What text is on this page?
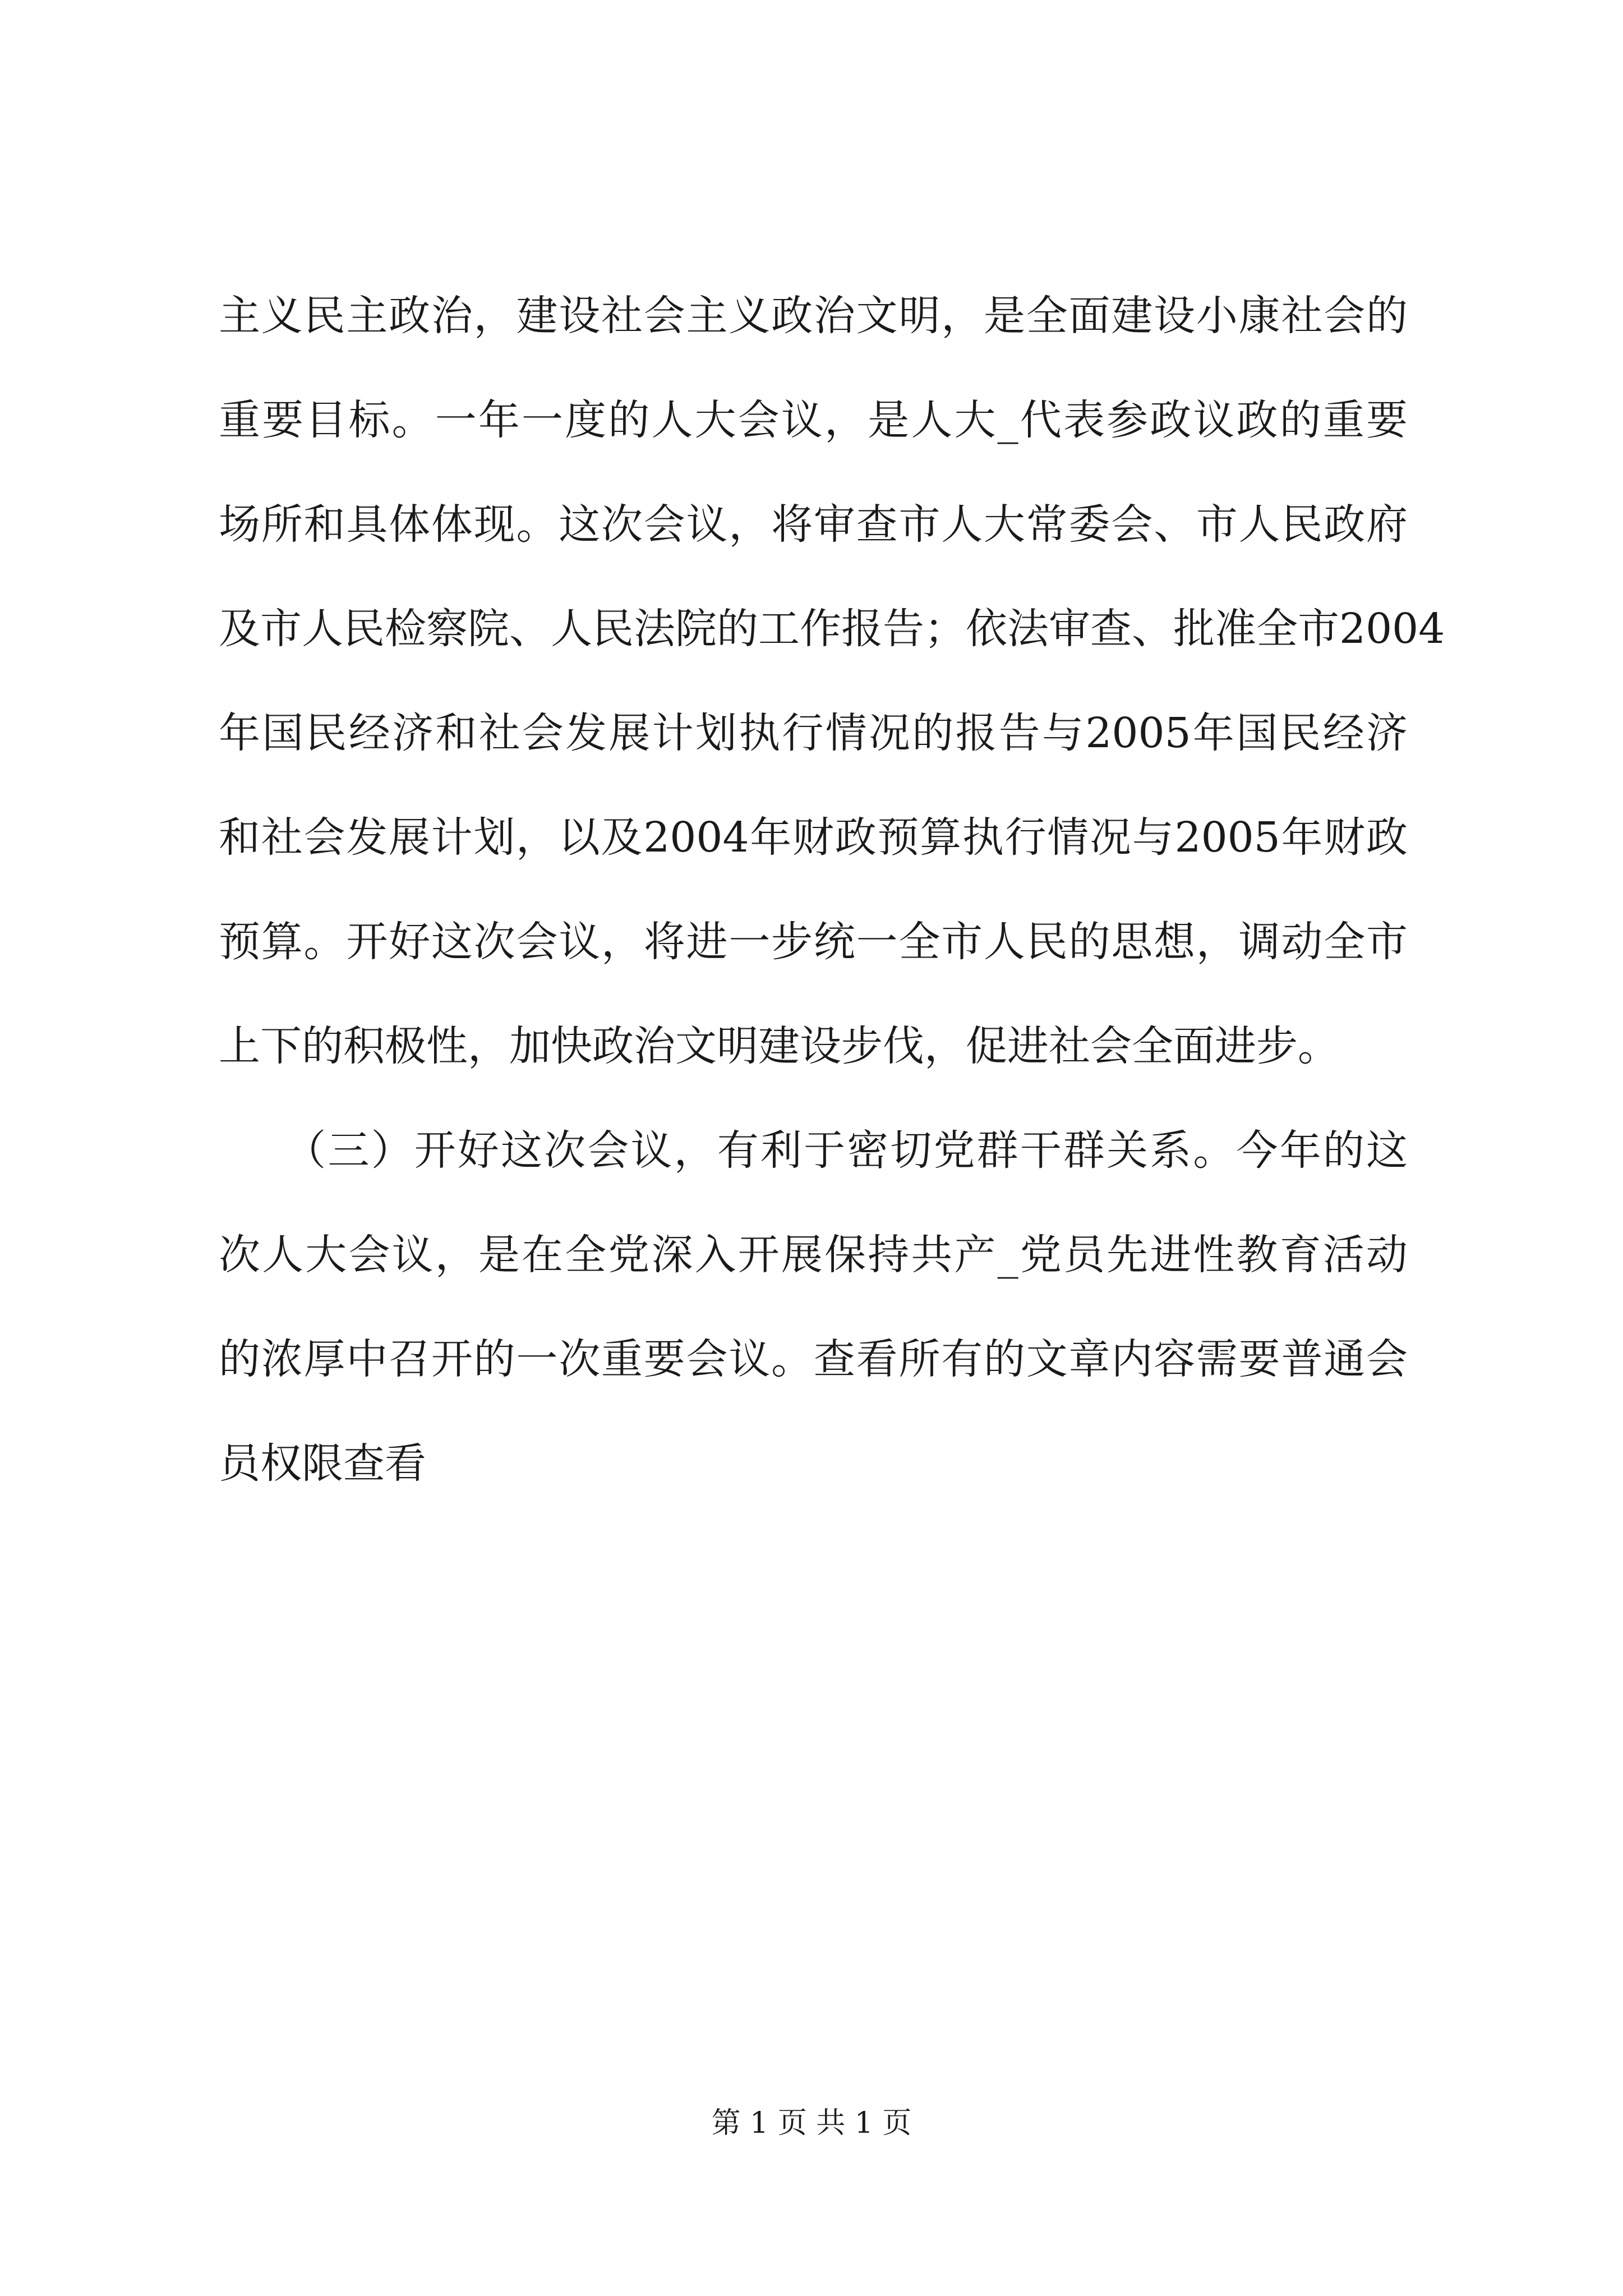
主义民主政治，建设社会主义政治文明，是全面建设小康社会的
重要目标。一年一度的人大会议，是人大_代表参政议政的重要
场所和具体体现。这次会议，将审查市人大常委会、市人民政府
及市人民检察院、人民法院的工作报告；依法审查、批准全市2004
年国民经济和社会发展计划执行情况的报告与2005年国民经济
和社会发展计划，以及2004年财政预算执行情况与2005年财政
预算。开好这次会议，将进一步统一全市人民的思想，调动全市
上下的积极性，加快政治文明建设步伐，促进社会全面进步。
　　（三）开好这次会议，有利于密切党群干群关系。今年的这
次人大会议，是在全党深入开展保持共产_党员先进性教育活动
的浓厚中召开的一次重要会议。查看所有的文章内容需要普通会
员权限查看
第 1 页 共 1 页
